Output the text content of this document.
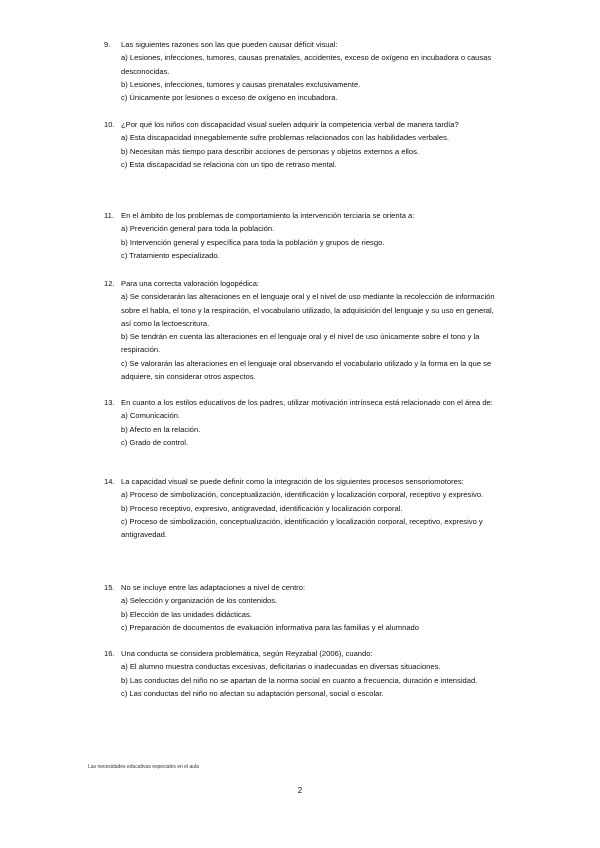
9.	Las siguientes razones son las que pueden causar déficit visual:
a) Lesiones, infecciones, tumores, causas prenatales, accidentes, exceso de oxígeno en incubadora o causas desconocidas.
b) Lesiones, infecciones, tumores y causas prenatales exclusivamente.
c) Únicamente por lesiones o exceso de oxígeno en incubadora.
10. ¿Por qué los niños con discapacidad visual suelen adquirir la competencia verbal de manera tardía?
a) Esta discapacidad innegablemente sufre problemas relacionados con las habilidades verbales.
b) Necesitan más tiempo para describir acciones de personas y objetos externos a ellos.
c) Esta discapacidad se relaciona con un tipo de retraso mental.
11. En el ámbito de los problemas de comportamiento la intervención terciaria se orienta a:
a) Prevención general para toda la población.
b) Intervención general y específica para toda la población y grupos de riesgo.
c) Tratamiento especializado.
12. Para una correcta valoración logopédica:
a) Se considerarán las alteraciones en el lenguaje oral y el nivel de uso mediante la recolección de información sobre el habla, el tono y la respiración, el vocabulario utilizado, la adquisición del lenguaje y su uso en general, así como la lectoescritura.
b) Se tendrán en cuenta las alteraciones en el lenguaje oral y el nivel de uso únicamente sobre el tono y la respiración.
c) Se valorarán las alteraciones en el lenguaje oral observando el vocabulario utilizado y la forma en la que se adquiere, sin considerar otros aspectos.
13. En cuanto a los estilos educativos de los padres, utilizar motivación intrínseca está relacionado con el área de:
a) Comunicación.
b) Afecto en la relación.
c) Grado de control.
14. La capacidad visual se puede definir como la integración de los siguientes procesos sensoriomotores:
a) Proceso de simbolización, conceptualización, identificación y localización corporal, receptivo y expresivo.
b) Proceso receptivo, expresivo, antigravedad, identificación y localización corporal.
c) Proceso de simbolización, conceptualización, identificación y localización corporal, receptivo, expresivo y antigravedad.
15. No se incluye entre las adaptaciones a nivel de centro:
a) Selección y organización de los contenidos.
b) Elección de las unidades didácticas.
c) Preparación de documentos de evaluación informativa para las familias y el alumnado
16. Una conducta se considera problemática, según Reyzabal (2006), cuando:
a) El alumno muestra conductas excesivas, deficitarias o inadecuadas en diversas situaciones.
b) Las conductas del niño no se apartan de la norma social en cuanto a frecuencia, duración e intensidad.
c) Las conductas del niño no afectan su adaptación personal, social o escolar.
Las necesidades educativas especiales en el aula
2
